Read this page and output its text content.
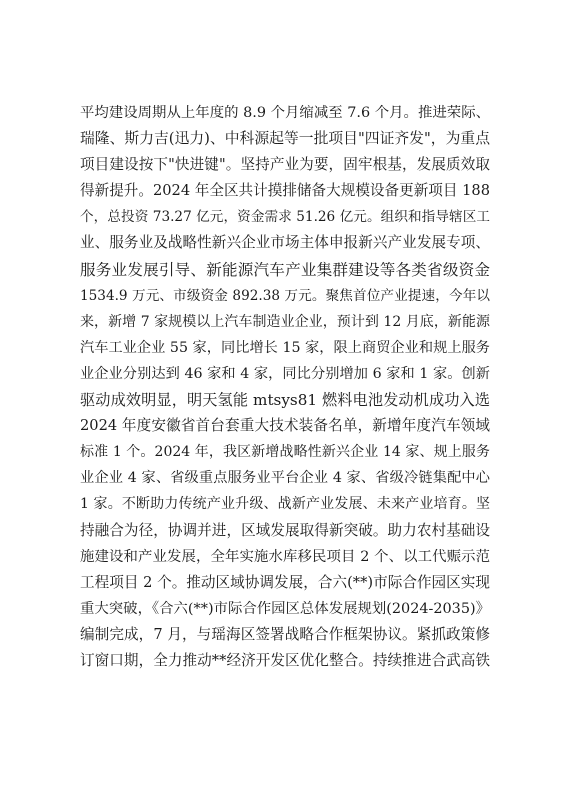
平均建设周期从上年度的 8.9 个月缩减至 7.6 个月。推进荣际、
瑞隆、斯力吉(迅力)、中科源起等一批项目"四证齐发"，为重点
项目建设按下"快进键"。坚持产业为要，固牢根基，发展质效取
得新提升。2024 年全区共计摸排储备大规模设备更新项目 188
个，总投资 73.27 亿元，资金需求 51.26 亿元。组织和指导辖区工
业、服务业及战略性新兴企业市场主体申报新兴产业发展专项、
服务业发展引导、新能源汽车产业集群建设等各类省级资金
1534.9 万元、市级资金 892.38 万元。聚焦首位产业提速，今年以
来，新增 7 家规模以上汽车制造业企业，预计到 12 月底，新能源
汽车工业企业 55 家，同比增长 15 家，限上商贸企业和规上服务
业企业分别达到 46 家和 4 家，同比分别增加 6 家和 1 家。创新
驱动成效明显，明天氢能 mtsys81 燃料电池发动机成功入选
2024 年度安徽省首台套重大技术装备名单，新增年度汽车领域
标准 1 个。2024 年，我区新增战略性新兴企业 14 家、规上服务
业企业 4 家、省级重点服务业平台企业 4 家、省级冷链集配中心
1 家。不断助力传统产业升级、战新产业发展、未来产业培育。坚
持融合为径，协调并进，区域发展取得新突破。助力农村基础设
施建设和产业发展，全年实施水库移民项目 2 个、以工代赈示范
工程项目 2 个。推动区域协调发展，合六(**)市际合作园区实现
重大突破，《合六(**)市际合作园区总体发展规划(2024-2035)》
编制完成，7 月，与瑶海区签署战略合作框架协议。紧抓政策修
订窗口期，全力推动**经济开发区优化整合。持续推进合武高铁
